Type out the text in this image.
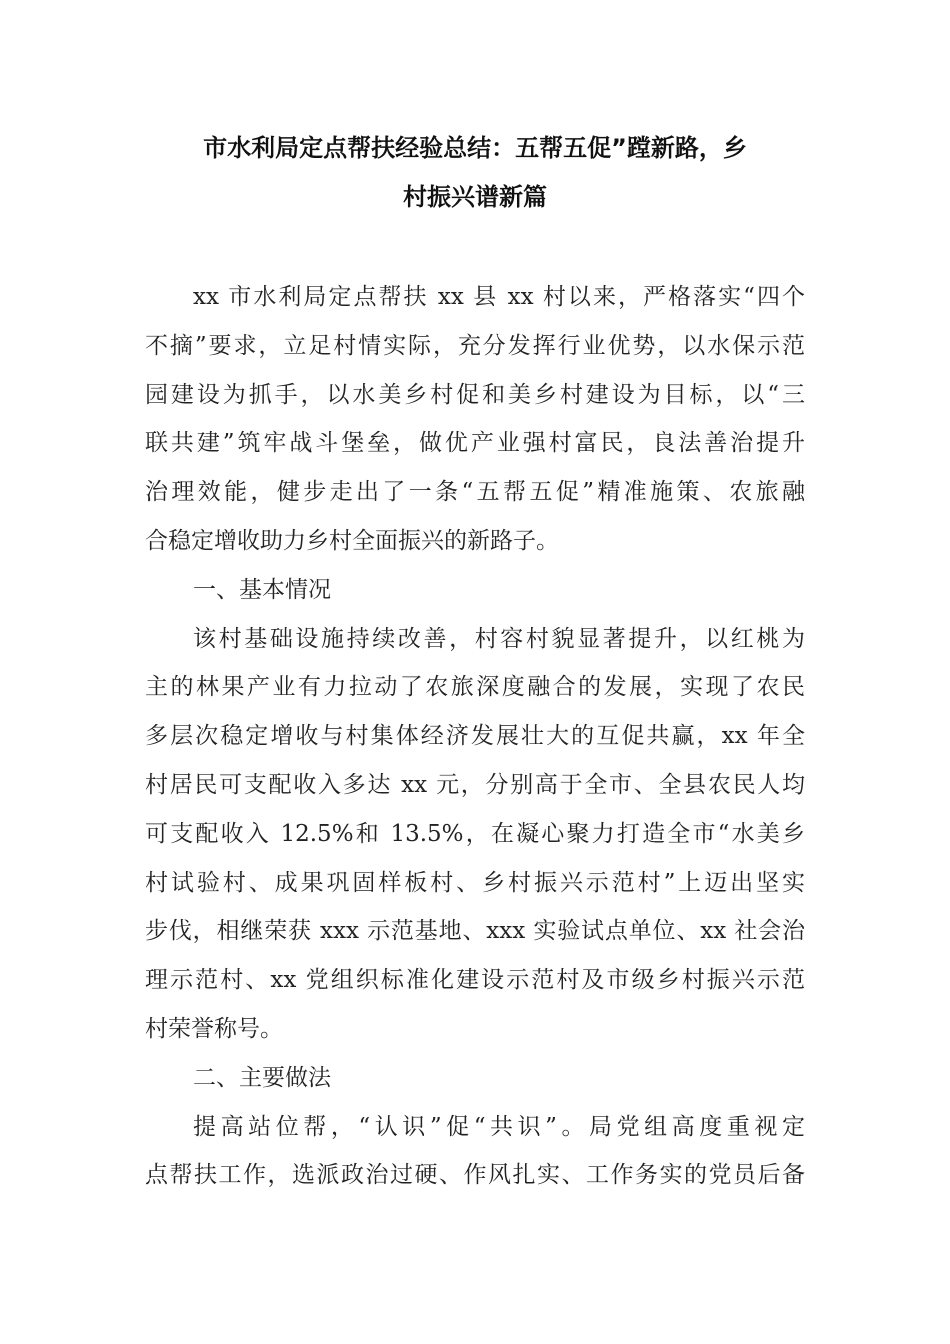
市水利局定点帮扶经验总结：五帮五促”蹚新路，乡
村振兴谱新篇
xx 市水利局定点帮扶 xx 县 xx 村以来，严格落实“四个
不摘”要求，立足村情实际，充分发挥行业优势，以水保示范
园建设为抓手，以水美乡村促和美乡村建设为目标，以“三
联共建”筑牢战斗堡垒，做优产业强村富民，良法善治提升
治理效能，健步走出了一条“五帮五促”精准施策、农旅融
合稳定增收助力乡村全面振兴的新路子。
一、基本情况
该村基础设施持续改善，村容村貌显著提升，以红桃为
主的林果产业有力拉动了农旅深度融合的发展，实现了农民
多层次稳定增收与村集体经济发展壮大的互促共赢，xx 年全
村居民可支配收入多达 xx 元，分别高于全市、全县农民人均
可支配收入 12.5%和 13.5%，在凝心聚力打造全市“水美乡
村试验村、成果巩固样板村、乡村振兴示范村”上迈出坚实
步伐，相继荣获 xxx 示范基地、xxx 实验试点单位、xx 社会治
理示范村、xx 党组织标准化建设示范村及市级乡村振兴示范
村荣誉称号。
二、主要做法
提高站位帮，“认识”促“共识”。局党组高度重视定
点帮扶工作，选派政治过硬、作风扎实、工作务实的党员后备
